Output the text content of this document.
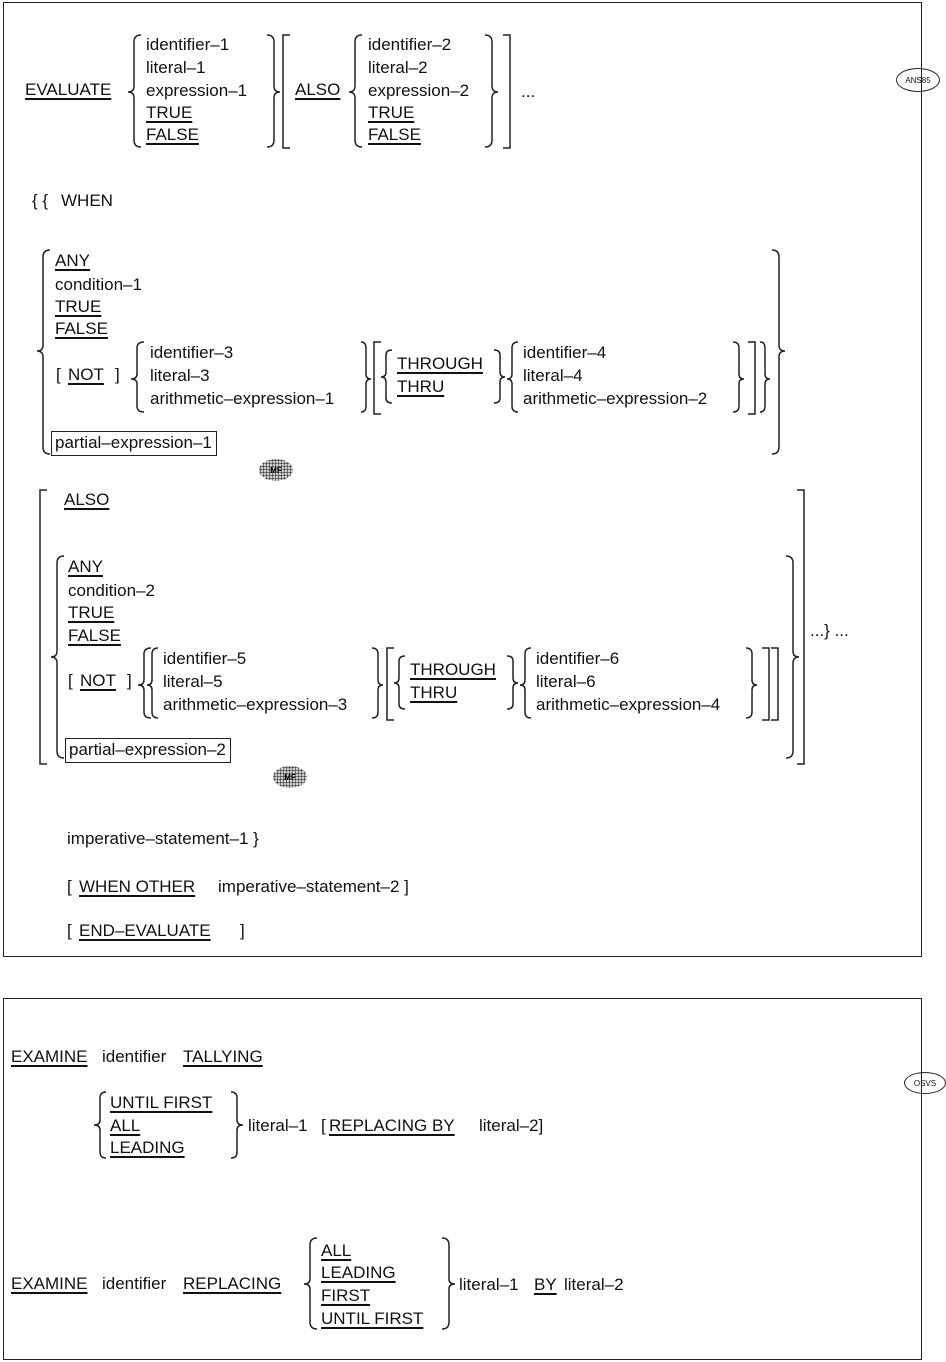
EVALUATE
identifier–1
literal–1
expression–1
TRUE
FALSE
ALSO
identifier–2
literal–2
expression–2
TRUE
FALSE
...
ANS85
{ { WHEN
ANY
condition–1
TRUE
FALSE
[ NOT ]
identifier–3
literal–3
arithmetic–expression–1
THROUGH
THRU
identifier–4
literal–4
arithmetic–expression–2
partial–expression–1
MF
ALSO
ANY
condition–2
TRUE
FALSE
[ NOT ]
identifier–5
literal–5
arithmetic–expression–3
THROUGH
THRU
identifier–6
literal–6
arithmetic–expression–4
partial–expression–2
MF
...} ...
imperative–statement–1 }
[ WHEN OTHER imperative–statement–2 ]
[ END–EVALUATE ]
EXAMINE identifier TALLYING
OSVS
UNTIL FIRST
ALL
LEADING
literal–1 [ REPLACING BY literal–2]
EXAMINE identifier REPLACING
ALL
LEADING
FIRST
UNTIL FIRST
literal–1 BY literal–2
